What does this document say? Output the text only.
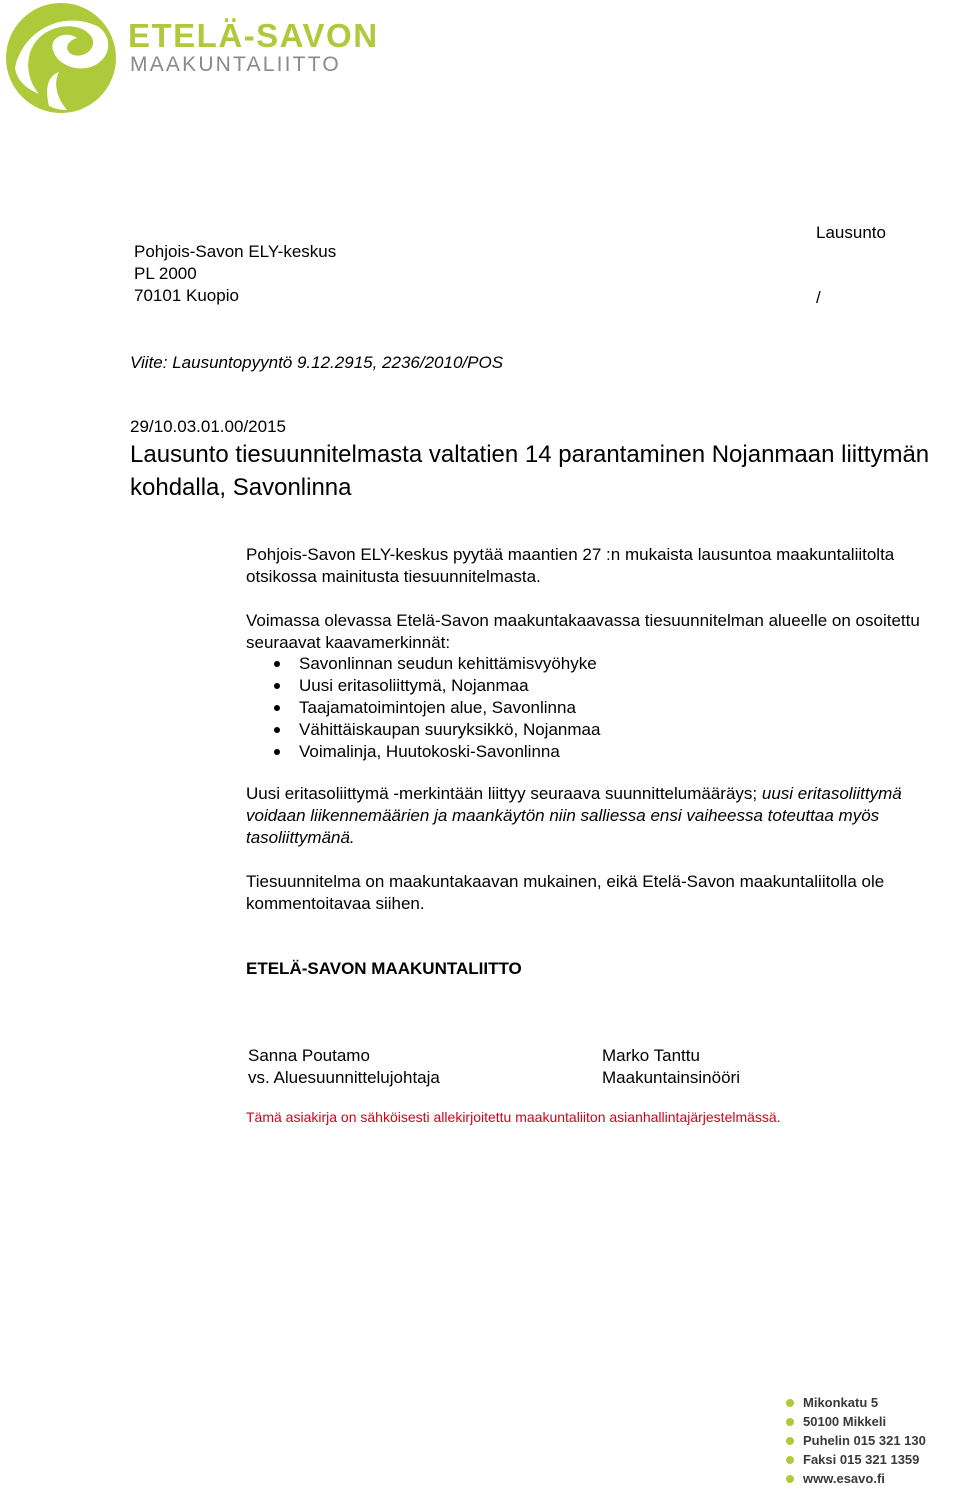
ETELÄ-SAVON
MAAKUNTALIITTO
Lausunto
/
Pohjois-Savon ELY-keskus
PL 2000
70101 Kuopio
Viite: Lausuntopyyntö 9.12.2915, 2236/2010/POS
29/10.03.01.00/2015
Lausunto tiesuunnitelmasta valtatien 14 parantaminen Nojanmaan liittymän kohdalla, Savonlinna
Pohjois-Savon ELY-keskus pyytää maantien 27 :n mukaista lausuntoa maakuntaliitolta otsikossa mainitusta tiesuunnitelmasta.
Voimassa olevassa Etelä-Savon maakuntakaavassa tiesuunnitelman alueelle on osoitettu seuraavat kaavamerkinnät:
Savonlinnan seudun kehittämisvyöhyke
Uusi eritasoliittymä, Nojanmaa
Taajamatoimintojen alue, Savonlinna
Vähittäiskaupan suuryksikkö, Nojanmaa
Voimalinja, Huutokoski-Savonlinna
Uusi eritasoliittymä -merkintään liittyy seuraava suunnittelumääräys; uusi eritasoliittymä voidaan liikennemäärien ja maankäytön niin salliessa ensi vaiheessa toteuttaa myös tasoliittymänä.
Tiesuunnitelma on maakuntakaavan mukainen, eikä Etelä-Savon maakuntaliitolla ole kommentoitavaa siihen.
ETELÄ-SAVON MAAKUNTALIITTO
Sanna Poutamo
vs. Aluesuunnittelujohtaja
Marko Tanttu
Maakuntainsinööri
Tämä asiakirja on sähköisesti allekirjoitettu maakuntaliiton asianhallintajärjestelmässä.
Mikonkatu 5
50100 Mikkeli
Puhelin 015 321 130
Faksi 015 321 1359
www.esavo.fi
